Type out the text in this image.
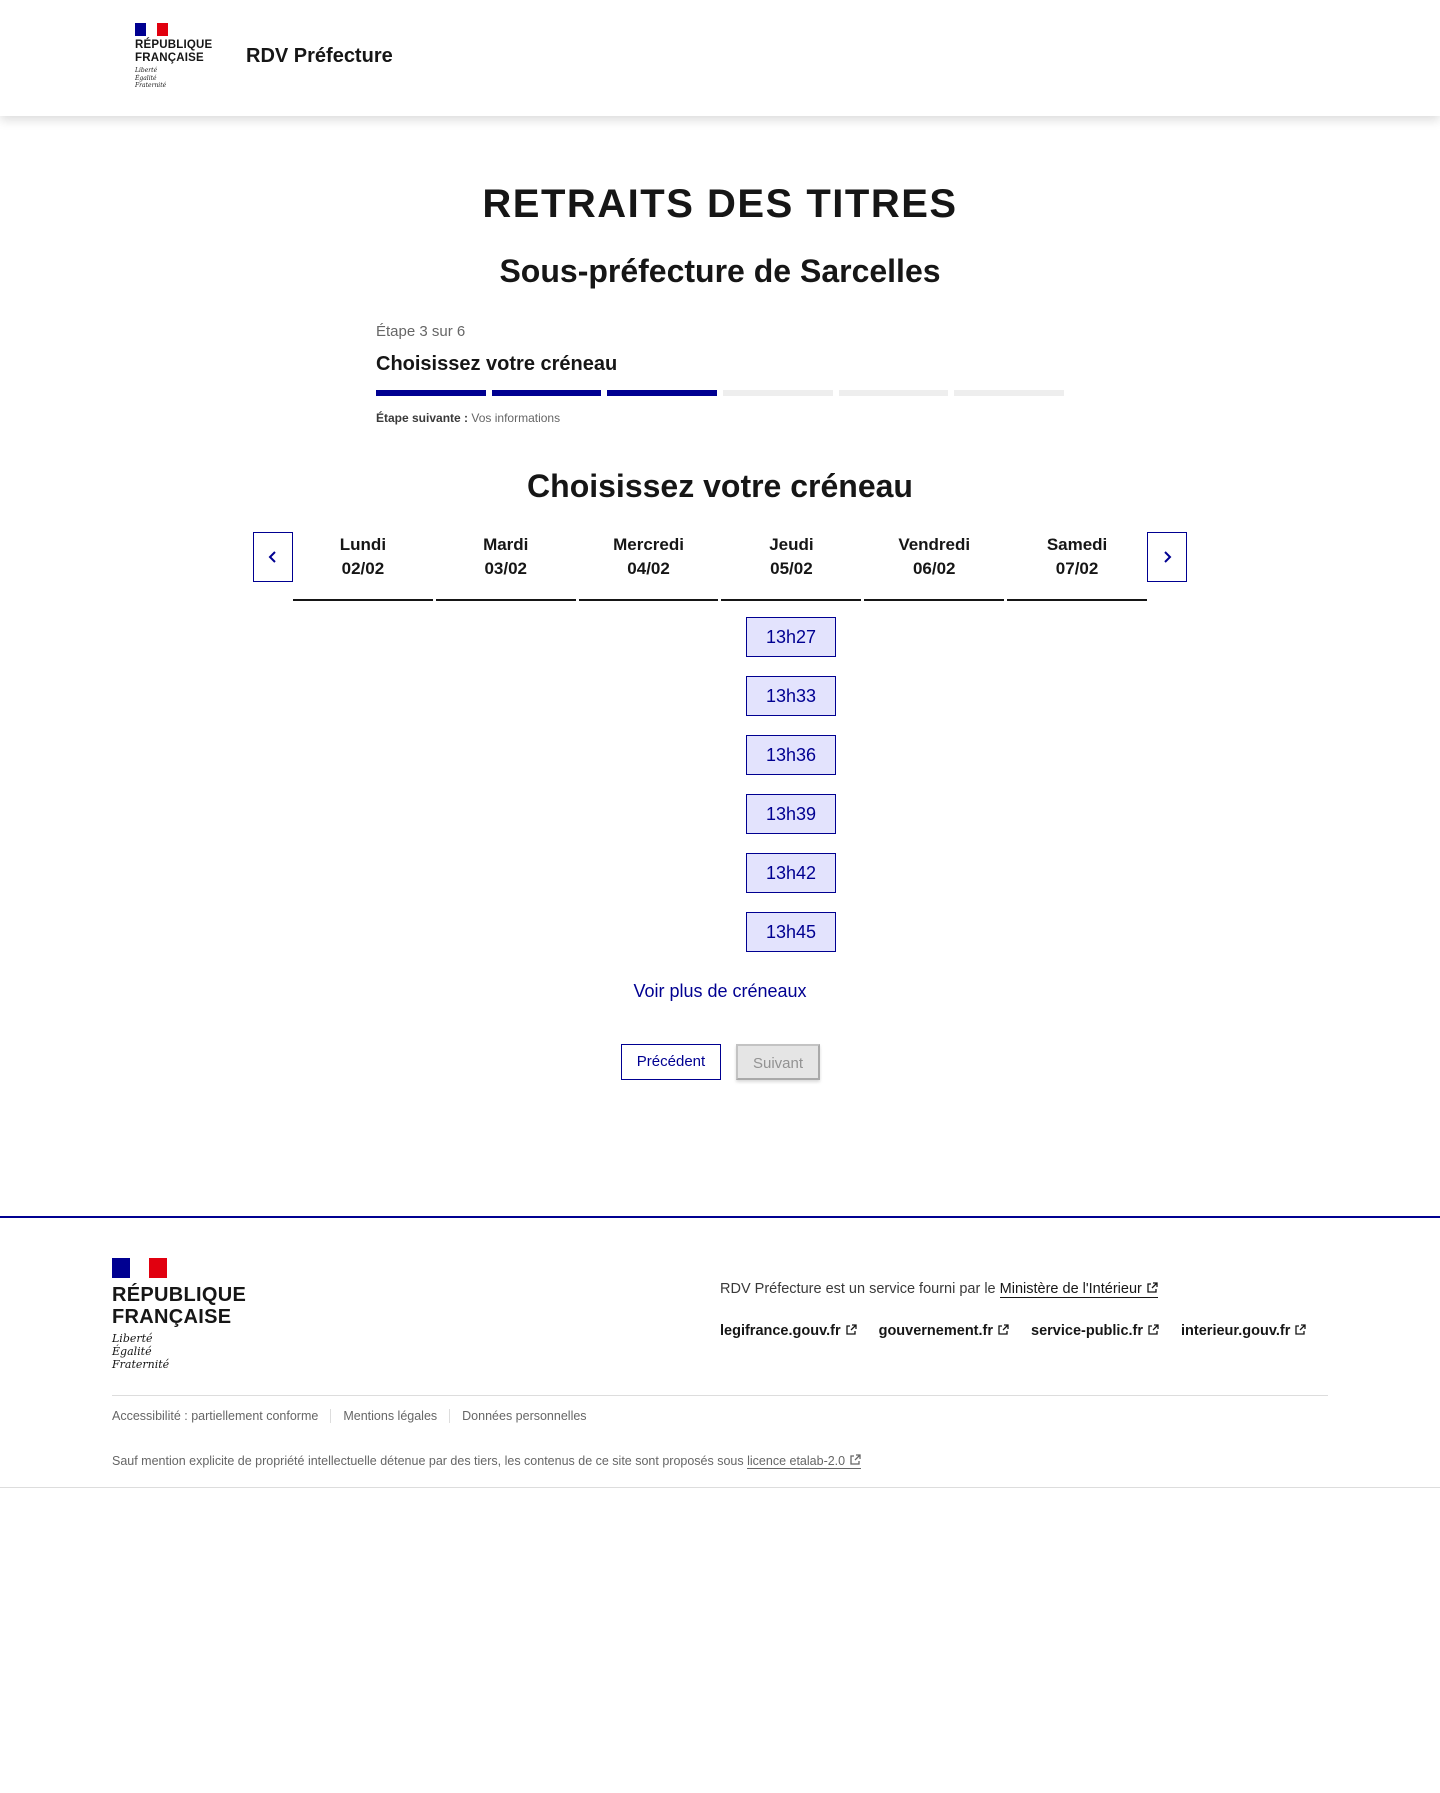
RÉPUBLIQUE
FRANÇAISE
Liberté
Égalité
Fraternité
RDV Préfecture
RETRAITS DES TITRES
Sous-préfecture de Sarcelles
Étape 3 sur 6
Choisissez votre créneau
Étape suivante : Vos informations
Choisissez votre créneau
Lundi
02/02
Mardi
03/02
Mercredi
04/02
Jeudi
05/02
Vendredi
06/02
Samedi
07/02
13h27
13h33
13h36
13h39
13h42
13h45
Voir plus de créneaux
Précédent	Suivant
RÉPUBLIQUE
FRANÇAISE
Liberté
Égalité
Fraternité
RDV Préfecture est un service fourni par le Ministère de l'Intérieur
legifrance.gouv.fr	gouvernement.fr	service-public.fr	interieur.gouv.fr
Accessibilité : partiellement conforme	Mentions légales	Données personnelles
Sauf mention explicite de propriété intellectuelle détenue par des tiers, les contenus de ce site sont proposés sous licence etalab-2.0
